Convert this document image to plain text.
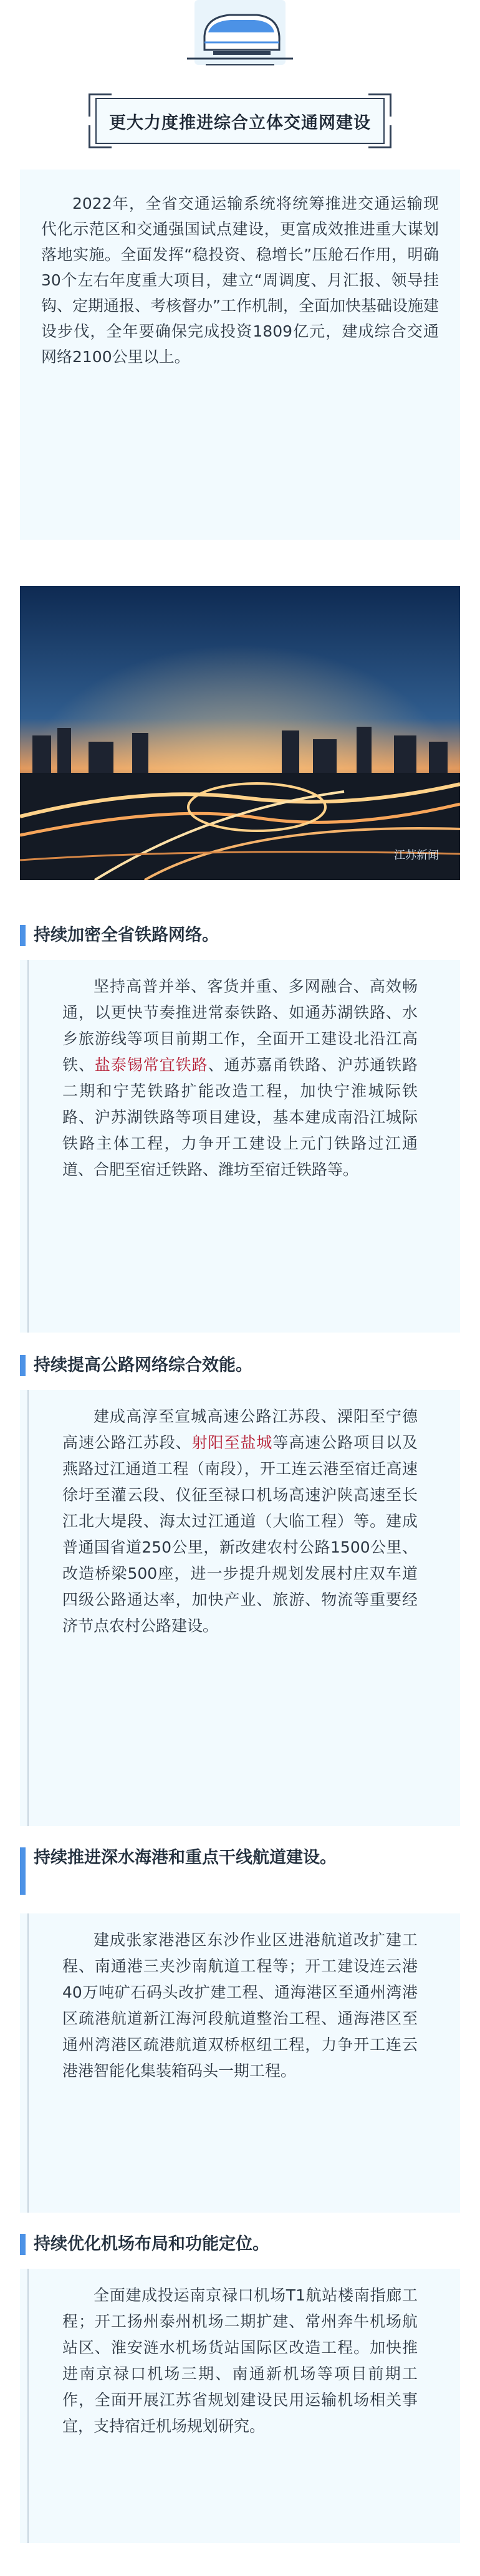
更大力度推进综合立体交通网建设
2022年，全省交通运输系统将统筹推进交通运输现代化示范区和交通强国试点建设，更富成效推进重大谋划落地实施。全面发挥“稳投资、稳增长”压舱石作用，明确30个左右年度重大项目，建立“周调度、月汇报、领导挂钩、定期通报、考核督办”工作机制，全面加快基础设施建设步伐，全年要确保完成投资1809亿元，建成综合交通网络2100公里以上。
江苏新闻
持续加密全省铁路网络。
坚持高普并举、客货并重、多网融合、高效畅通，以更快节奏推进常泰铁路、如通苏湖铁路、水乡旅游线等项目前期工作，全面开工建设北沿江高铁、盐泰锡常宜铁路、通苏嘉甬铁路、沪苏通铁路二期和宁芜铁路扩能改造工程，加快宁淮城际铁路、沪苏湖铁路等项目建设，基本建成南沿江城际铁路主体工程，力争开工建设上元门铁路过江通道、合肥至宿迁铁路、潍坊至宿迁铁路等。
持续提高公路网络综合效能。
建成高淳至宣城高速公路江苏段、溧阳至宁德高速公路江苏段、射阳至盐城等高速公路项目以及燕路过江通道工程（南段），开工连云港至宿迁高速徐圩至灌云段、仪征至禄口机场高速沪陕高速至长江北大堤段、海太过江通道（大临工程）等。建成普通国省道250公里，新改建农村公路1500公里、改造桥梁500座，进一步提升规划发展村庄双车道四级公路通达率，加快产业、旅游、物流等重要经济节点农村公路建设。
持续推进深水海港和重点干线航道建设。
建成张家港港区东沙作业区进港航道改扩建工程、南通港三夹沙南航道工程等；开工建设连云港40万吨矿石码头改扩建工程、通海港区至通州湾港区疏港航道新江海河段航道整治工程、通海港区至通州湾港区疏港航道双桥枢纽工程，力争开工连云港港智能化集装箱码头一期工程。
持续优化机场布局和功能定位。
全面建成投运南京禄口机场T1航站楼南指廊工程；开工扬州泰州机场二期扩建、常州奔牛机场航站区、淮安涟水机场货站国际区改造工程。加快推进南京禄口机场三期、南通新机场等项目前期工作，全面开展江苏省规划建设民用运输机场相关事宜，支持宿迁机场规划研究。
